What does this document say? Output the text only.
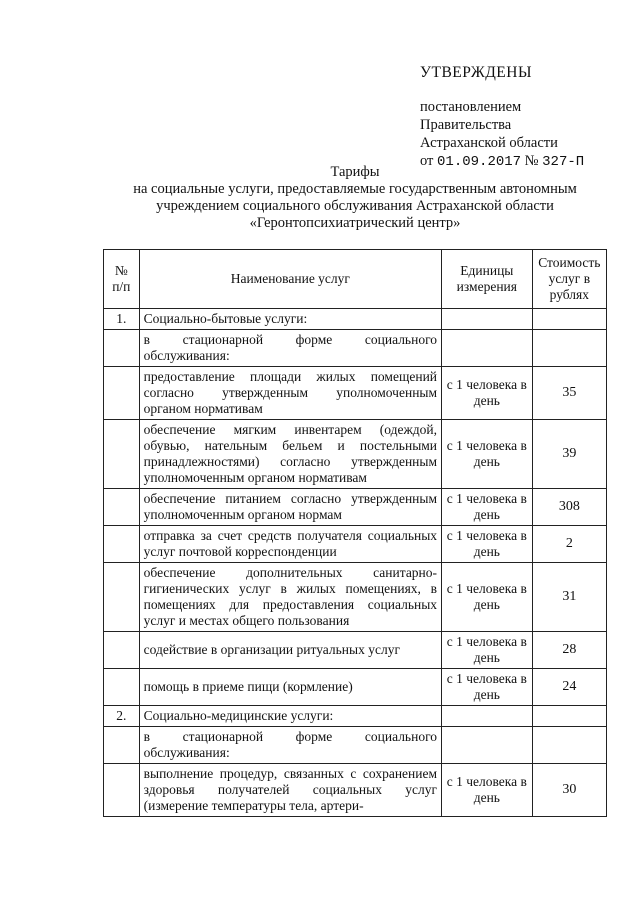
УТВЕРЖДЕНЫ
постановлением
Правительства
Астраханской области
от 01.09.2017 № 327-П
Тарифы
на социальные услуги, предоставляемые государственным автономным
учреждением социального обслуживания Астраханской области
«Геронтопсихиатрический центр»
№ п/п	Наименование услуг	Единицы измерения	Стоимость услуг в рублях
1.	Социально-бытовые услуги:		
	в стационарной форме социального обслуживания:		
	предоставление площади жилых помещений согласно утвержденным уполномоченным органом нормативам	с 1 человека в день	35
	обеспечение мягким инвентарем (одеждой, обувью, нательным бельем и постельными принадлежностями) согласно утвержденным уполномоченным органом нормативам	с 1 человека в день	39
	обеспечение питанием согласно утвержденным уполномоченным органом нормам	с 1 человека в день	308
	отправка за счет средств получателя социальных услуг почтовой корреспонденции	с 1 человека в день	2
	обеспечение дополнительных санитарно-гигиенических услуг в жилых помещениях, в помещениях для предоставления социальных услуг и местах общего пользования	с 1 человека в день	31
	содействие в организации ритуальных услуг	с 1 человека в день	28
	помощь в приеме пищи (кормление)	с 1 человека в день	24
2.	Социально-медицинские услуги:		
	в стационарной форме социального обслуживания:		
	выполнение процедур, связанных с сохранением здоровья получателей социальных услуг (измерение температуры тела, артери-	с 1 человека в день	30
